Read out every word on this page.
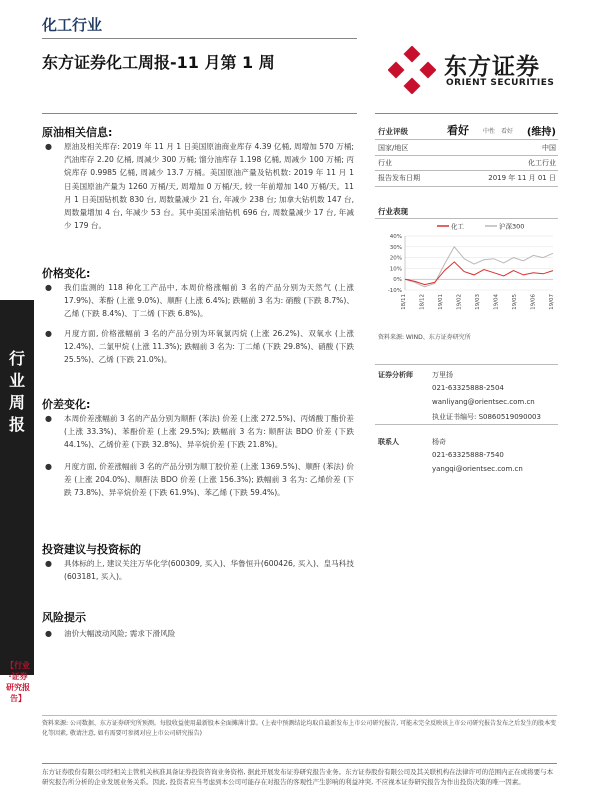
化工行业
东方证券化工周报-11 月第 1 周	东方证券
ORIENT SECURITIES
原油相关信息:
● 原油及相关库存: 2019 年 11 月 1 日美国原油商业库存 4.39 亿桶, 周增加 570 万桶; 汽油库存 2.20 亿桶, 周减少 300 万桶; 馏分油库存 1.198 亿桶, 周减少 100 万桶; 丙烷库存 0.9985 亿桶, 周减少 13.7 万桶。美国原油产量及钻机数: 2019 年 11 月 1 日美国原油产量为 1260 万桶/天, 周增加 0 万桶/天, 较一年前增加 140 万桶/天。11 月 1 日美国钻机数 830 台, 周数量减少 21 台, 年减少 238 台; 加拿大钻机数 147 台, 周数量增加 4 台, 年减少 53 台。其中美国采油钻机 696 台, 周数量减少 17 台, 年减少 179 台。
价格变化:
● 我们监测的 118 种化工产品中, 本周价格涨幅前 3 名的产品分别为天然气 (上涨 17.9%)、苯酚 (上涨 9.0%)、顺酐 (上涨 6.4%); 跌幅前 3 名为: 硝酸 (下跌 8.7%)、乙烯 (下跌 8.4%)、丁二烯 (下跌 6.8%)。
● 月度方面, 价格涨幅前 3 名的产品分别为环氧氯丙烷 (上涨 26.2%)、双氧水 (上涨 12.4%)、二氯甲烷 (上涨 11.3%); 跌幅前 3 名为: 丁二烯 (下跌 29.8%)、硝酸 (下跌 25.5%)、乙烯 (下跌 21.0%)。
价差变化:
● 本周价差涨幅前 3 名的产品分别为顺酐 (苯法) 价差 (上涨 272.5%)、丙烯酸丁酯价差 (上涨 33.3%)、苯酚价差 (上涨 29.5%); 跌幅前 3 名为: 顺酐法 BDO 价差 (下跌 44.1%)、乙烯价差 (下跌 32.8%)、异辛烷价差 (下跌 21.8%)。
● 月度方面, 价差涨幅前 3 名的产品分别为顺丁胶价差 (上涨 1369.5%)、顺酐 (苯法) 价差 (上涨 204.0%)、顺酐法 BDO 价差 (上涨 156.3%); 跌幅前 3 名为: 乙烯价差 (下跌 73.8%)、异辛烷价差 (下跌 61.9%)、苯乙烯 (下跌 59.4%)。
投资建议与投资标的
● 具体标的上, 建议关注万华化学(600309, 买入)、华鲁恒升(600426, 买入)、皇马科技(603181, 买入)。
风险提示
● 油价大幅波动风险; 需求下滑风险
行
业
周
报
【行业·证券研究报告】
行业评级	看好 中性 看好 (维持)
国家/地区	中国
行业	化工行业
报告发布日期	2019 年 11 月 01 日
行业表现
化工	沪深300
40%
30%
20%
10%
0%
-10%
18/11 18/12 19/01 19/02 19/03 19/04 19/05 19/06 19/07
资料来源: WIND、东方证券研究所
证券分析师	万里扬
021-63325888-2504
wanliyang@orientsec.com.cn
执业证书编号: S0860519090003
联系人	杨奇
021-63325888-7540
yangqi@orientsec.com.cn
资料来源: 公司数据、东方证券研究所预测。每股收益使用最新股本全面摊薄计算。(上表中预测结论均取自最新发布上市公司研究报告, 可能未完全反映该上市公司研究报告发布之后发生的股本变化等因素, 敬请注意, 如有需要可参阅对应上市公司研究报告)
东方证券股份有限公司经相关主管机关核准具备证券投资咨询业务资格, 据此开展发布证券研究报告业务。东方证券股份有限公司及其关联机构在法律许可的范围内正在或将要与本研究报告所分析的企业发展业务关系。因此, 投资者应当考虑到本公司可能存在对报告的客观性产生影响的利益冲突, 不应视本证券研究报告为作出投资决策的唯一因素。
